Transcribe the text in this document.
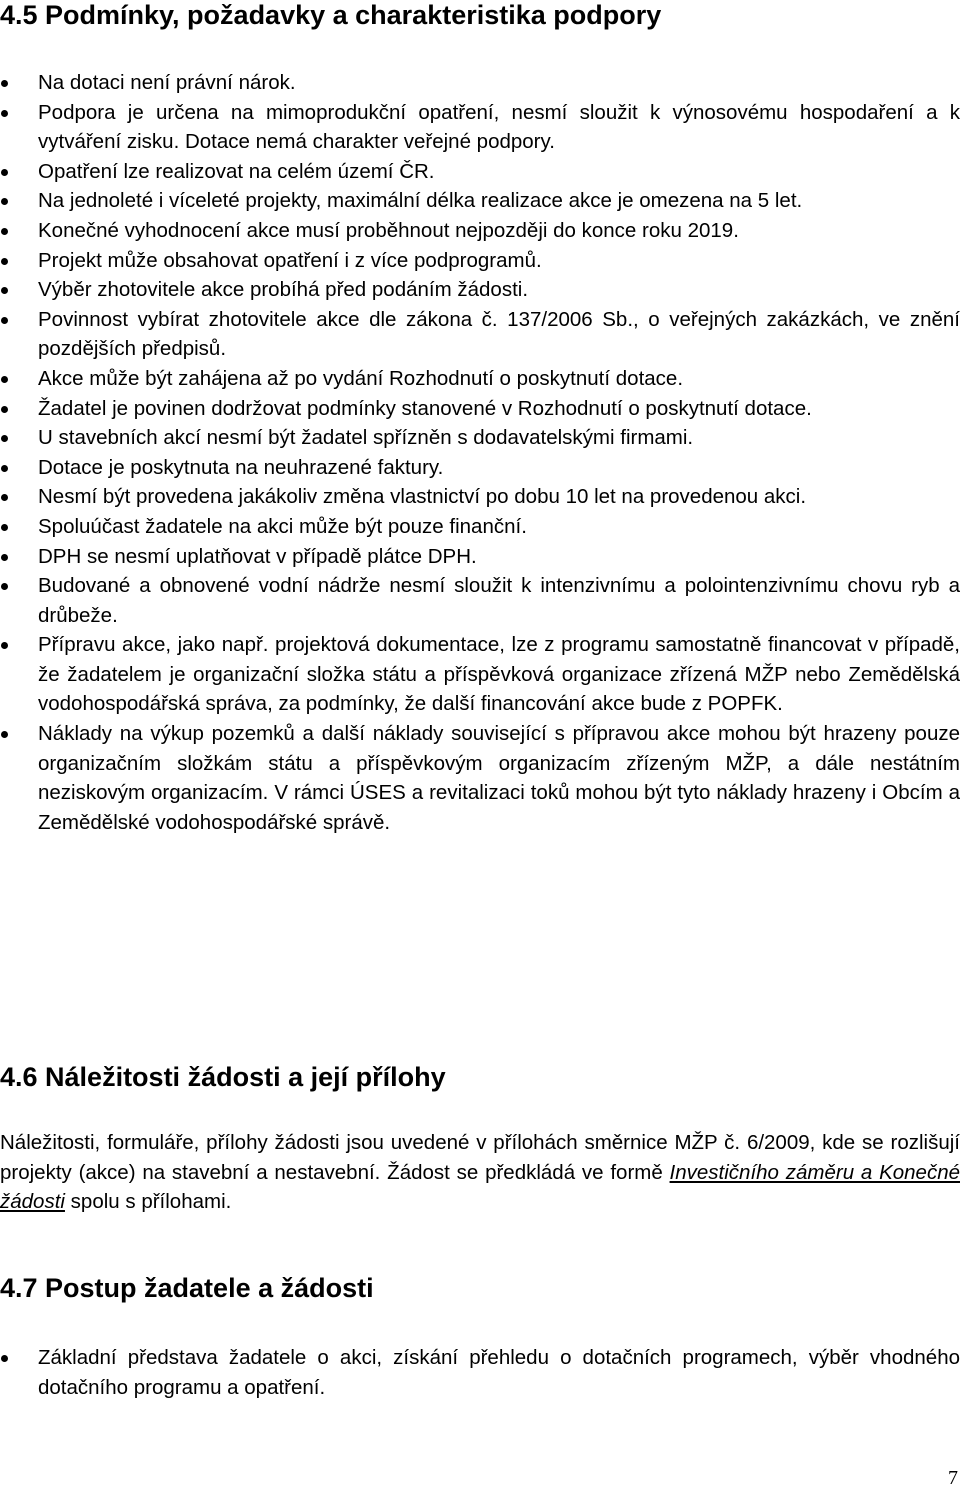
4.5 Podmínky, požadavky a charakteristika podpory
Na dotaci není právní nárok.
Podpora je určena na mimoprodukční opatření, nesmí sloužit k výnosovému hospodaření a k vytváření zisku. Dotace nemá charakter veřejné podpory.
Opatření lze realizovat na celém území ČR.
Na jednoleté i víceleté projekty, maximální délka realizace akce je omezena na 5 let.
Konečné vyhodnocení akce musí proběhnout nejpozději do konce roku 2019.
Projekt může obsahovat opatření i z více podprogramů.
Výběr zhotovitele akce probíhá před podáním žádosti.
Povinnost vybírat zhotovitele akce dle zákona č. 137/2006 Sb., o veřejných zakázkách, ve znění pozdějších předpisů.
Akce může být zahájena až po vydání Rozhodnutí o poskytnutí dotace.
Žadatel je povinen dodržovat podmínky stanovené v Rozhodnutí o poskytnutí dotace.
U stavebních akcí nesmí být žadatel spřízněn s dodavatelskými firmami.
Dotace je poskytnuta na neuhrazené faktury.
Nesmí být provedena jakákoliv změna vlastnictví po dobu 10 let na provedenou akci.
Spoluúčast žadatele na akci může být pouze finanční.
DPH se nesmí uplatňovat v případě plátce DPH.
Budované a obnovené vodní nádrže nesmí sloužit k intenzivnímu a polointenzivnímu chovu ryb a drůbeže.
Přípravu akce, jako např. projektová dokumentace, lze z programu samostatně financovat v případě, že žadatelem je organizační složka státu a příspěvková organizace zřízená MŽP nebo Zemědělská vodohospodářská správa, za podmínky, že další financování akce bude z POPFK.
Náklady na výkup pozemků a další náklady související s přípravou akce mohou být hrazeny pouze organizačním složkám státu a příspěvkovým organizacím zřízeným MŽP, a dále nestátním neziskovým organizacím. V rámci ÚSES a revitalizaci toků mohou být tyto náklady hrazeny i Obcím a Zemědělské vodohospodářské správě.
4.6 Náležitosti žádosti a její přílohy

Náležitosti, formuláře, přílohy žádosti jsou uvedené v přílohách směrnice MŽP č. 6/2009, kde se rozlišují projekty (akce) na stavební a nestavební. Žádost se předkládá ve formě Investičního záměru a Konečné žádosti spolu s přílohami.

4.7 Postup žadatele a žádosti
Základní představa žadatele o akci, získání přehledu o dotačních programech, výběr vhodného dotačního programu a opatření.
7
